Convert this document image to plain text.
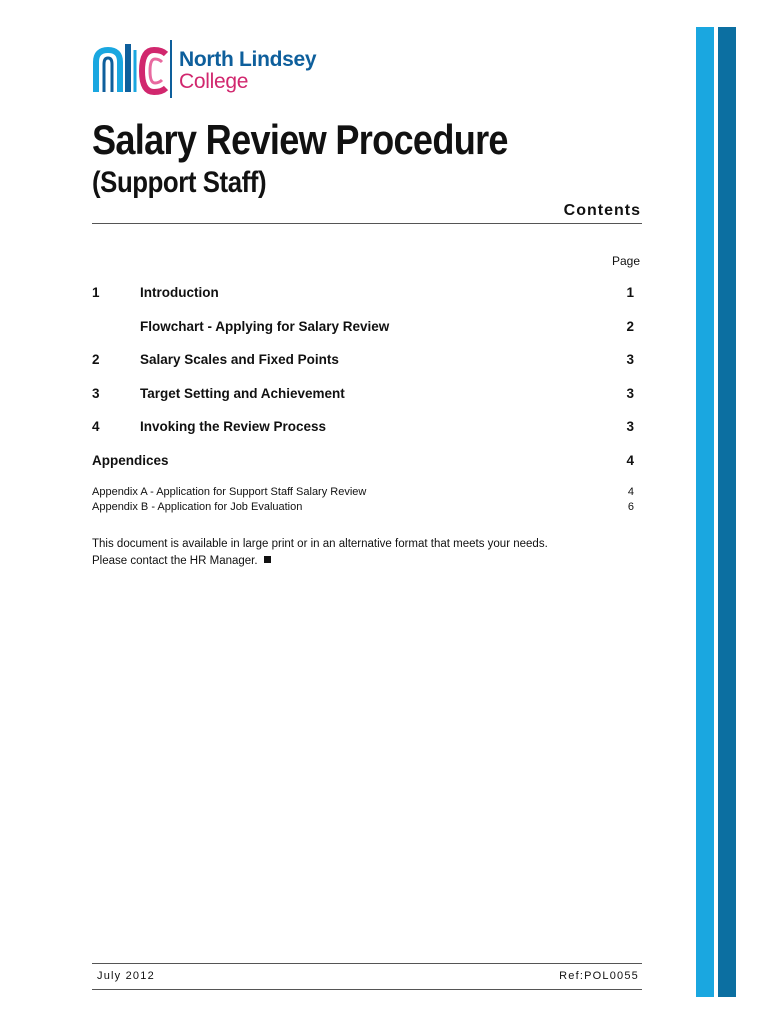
North Lindsey
College
Salary Review Procedure
(Support Staff)
Contents
Page
1	Introduction	1
Flowchart - Applying for Salary Review	2
2	Salary Scales and Fixed Points	3
3	Target Setting and Achievement	3
4	Invoking the Review Process	3
Appendices	4
Appendix A - Application for Support Staff Salary Review	4
Appendix B - Application for Job Evaluation	6
This document is available in large print or in an alternative format that meets your needs. Please contact the HR Manager.
July 2012	Ref:POL0055
